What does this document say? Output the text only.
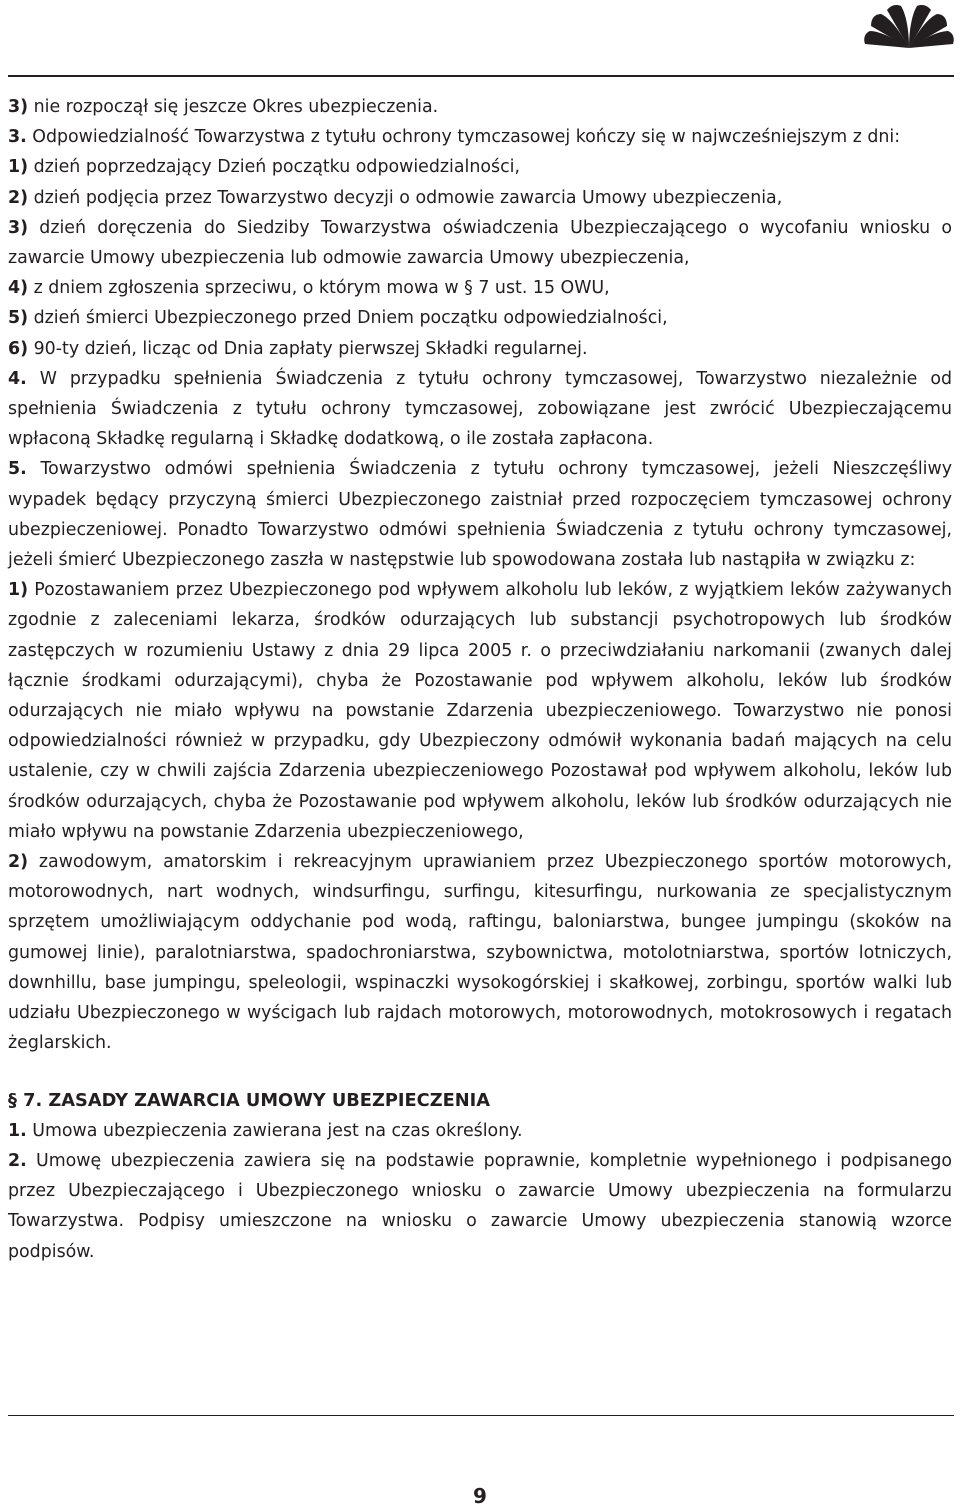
3) nie rozpoczął się jeszcze Okres ubezpieczenia.

3. Odpowiedzialność Towarzystwa z tytułu ochrony tymczasowej kończy się w najwcześniejszym z dni:

1) dzień poprzedzający Dzień początku odpowiedzialności,

2) dzień podjęcia przez Towarzystwo decyzji o odmowie zawarcia Umowy ubezpieczenia,

3) dzień doręczenia do Siedziby Towarzystwa oświadczenia Ubezpieczającego o wycofaniu wniosku o zawarcie Umowy ubezpieczenia lub odmowie zawarcia Umowy ubezpieczenia,

4) z dniem zgłoszenia sprzeciwu, o którym mowa w § 7 ust. 15 OWU,

5) dzień śmierci Ubezpieczonego przed Dniem początku odpowiedzialności,

6) 90-ty dzień, licząc od Dnia zapłaty pierwszej Składki regularnej.

4. W przypadku spełnienia Świadczenia z tytułu ochrony tymczasowej, Towarzystwo niezależnie od spełnienia Świadczenia z tytułu ochrony tymczasowej, zobowiązane jest zwrócić Ubezpieczającemu wpłaconą Składkę regularną i Składkę dodatkową, o ile została zapłacona.

5. Towarzystwo odmówi spełnienia Świadczenia z tytułu ochrony tymczasowej, jeżeli Nieszczęśliwy wypadek będący przyczyną śmierci Ubezpieczonego zaistniał przed rozpoczęciem tymczasowej ochrony ubezpieczeniowej. Ponadto Towarzystwo odmówi spełnienia Świadczenia z tytułu ochrony tymczasowej, jeżeli śmierć Ubezpieczonego zaszła w następstwie lub spowodowana została lub nastąpiła w związku z:

1) Pozostawaniem przez Ubezpieczonego pod wpływem alkoholu lub leków, z wyjątkiem leków zażywanych zgodnie z zaleceniami lekarza, środków odurzających lub substancji psychotropowych lub środków zastępczych w rozumieniu Ustawy z dnia 29 lipca 2005 r. o przeciwdziałaniu narkomanii (zwanych dalej łącznie środkami odurzającymi), chyba że Pozostawanie pod wpływem alkoholu, leków lub środków odurzających nie miało wpływu na powstanie Zdarzenia ubezpieczeniowego. Towarzystwo nie ponosi odpowiedzialności również w przypadku, gdy Ubezpieczony odmówił wykonania badań mających na celu ustalenie, czy w chwili zajścia Zdarzenia ubezpieczeniowego Pozostawał pod wpływem alkoholu, leków lub środków odurzających, chyba że Pozostawanie pod wpływem alkoholu, leków lub środków odurzających nie miało wpływu na powstanie Zdarzenia ubezpieczeniowego,

2) zawodowym, amatorskim i rekreacyjnym uprawianiem przez Ubezpieczonego sportów motorowych, motorowodnych, nart wodnych, windsurfingu, surfingu, kitesurfingu, nurkowania ze specjalistycznym sprzętem umożliwiającym oddychanie pod wodą, raftingu, baloniarstwa, bungee jumpingu (skoków na gumowej linie), paralotniarstwa, spadochroniarstwa, szybownictwa, motolotniarstwa, sportów lotniczych, downhillu, base jumpingu, speleologii, wspinaczki wysokogórskiej i skałkowej, zorbingu, sportów walki lub udziału Ubezpieczonego w wyścigach lub rajdach motorowych, motorowodnych, motokrosowych i regatach żeglarskich.

§ 7. ZASADY ZAWARCIA UMOWY UBEZPIECZENIA

1. Umowa ubezpieczenia zawierana jest na czas określony.

2. Umowę ubezpieczenia zawiera się na podstawie poprawnie, kompletnie wypełnionego i podpisanego przez Ubezpieczającego i Ubezpieczonego wniosku o zawarcie Umowy ubezpieczenia na formularzu Towarzystwa. Podpisy umieszczone na wniosku o zawarcie Umowy ubezpieczenia stanowią wzorce podpisów.

9
